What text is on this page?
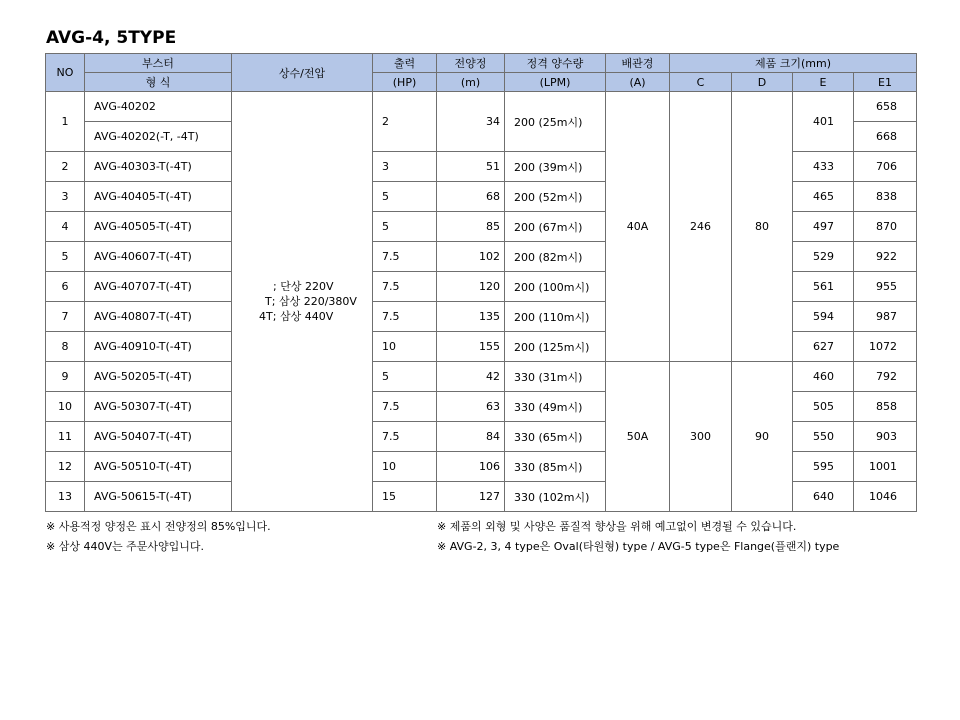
AVG-4, 5TYPE
NO	부스터	상수/전압	출력	전양정	정격 양수량	배관경	제품 크기(mm)			
	형 식		(HP)	(m)	(LPM)	(A)	C	D	E	E1
1	AVG-40202	; 단상 220V
T; 삼상 220/380V
4T; 삼상 440V	2	34	200 (25m시)	40A	246	80	401	658
	AVG-40202(-T, -4T)									668
2	AVG-40303-T(-4T)		3	51	200 (39m시)				433	706
3	AVG-40405-T(-4T)		5	68	200 (52m시)				465	838
4	AVG-40505-T(-4T)		5	85	200 (67m시)				497	870
5	AVG-40607-T(-4T)		7.5	102	200 (82m시)				529	922
6	AVG-40707-T(-4T)		7.5	120	200 (100m시)				561	955
7	AVG-40807-T(-4T)		7.5	135	200 (110m시)				594	987
8	AVG-40910-T(-4T)		10	155	200 (125m시)				627	1072
9	AVG-50205-T(-4T)		5	42	330 (31m시)	50A	300	90	460	792
10	AVG-50307-T(-4T)		7.5	63	330 (49m시)				505	858
11	AVG-50407-T(-4T)		7.5	84	330 (65m시)				550	903
12	AVG-50510-T(-4T)		10	106	330 (85m시)				595	1001
13	AVG-50615-T(-4T)		15	127	330 (102m시)				640	1046
※ 사용적정 양정은 표시 전양정의 85%입니다.
※ 삼상 440V는 주문사양입니다.
※ 제품의 외형 및 사양은 품질적 향상을 위해 예고없이 변경될 수 있습니다.
※ AVG-2, 3, 4 type은 Oval(타원형) type / AVG-5 type은 Flange(플랜지) type
